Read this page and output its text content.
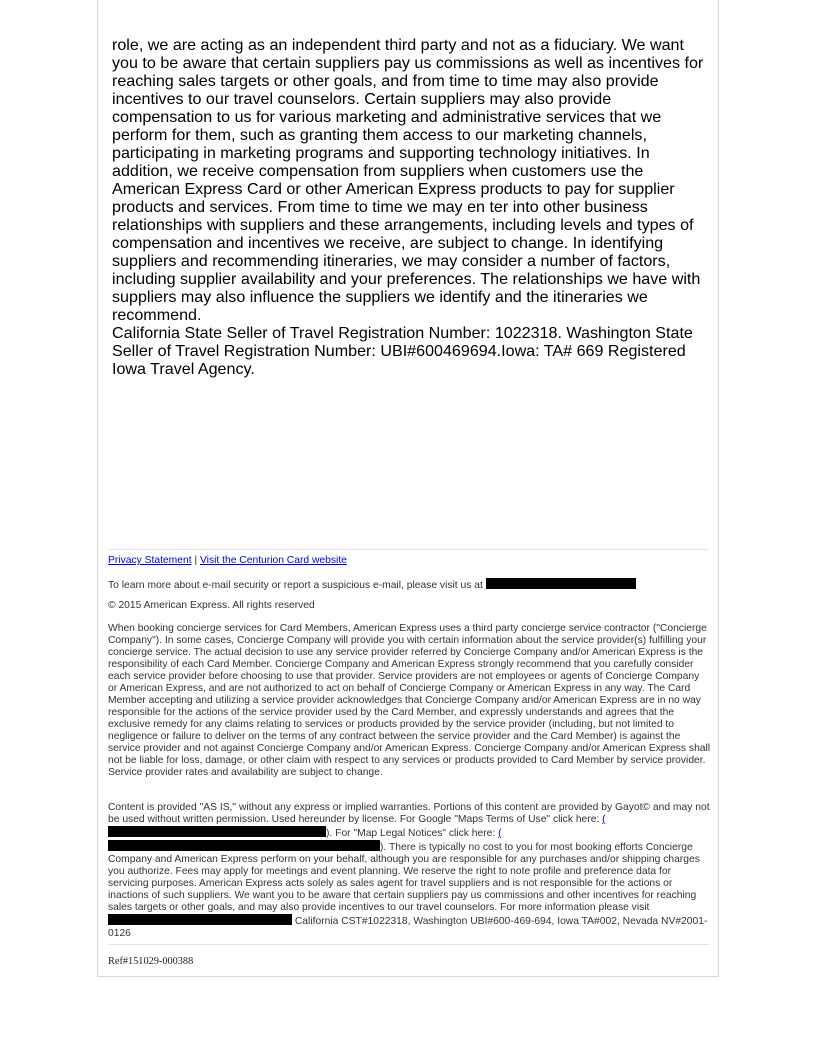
role, we are acting as an independent third party and not as a fiduciary. We want you to be aware that certain suppliers pay us commissions as well as incentives for reaching sales targets or other goals, and from time to time may also provide incentives to our travel counselors. Certain suppliers may also provide compensation to us for various marketing and administrative services that we perform for them, such as granting them access to our marketing channels, participating in marketing programs and supporting technology initiatives. In addition, we receive compensation from suppliers when customers use the American Express Card or other American Express products to pay for supplier products and services. From time to time we may en ter into other business relationships with suppliers and these arrangements, including levels and types of compensation and incentives we receive, are subject to change. In identifying suppliers and recommending itineraries, we may consider a number of factors, including supplier availability and your preferences. The relationships we have with suppliers may also influence the suppliers we identify and the itineraries we recommend.

California State Seller of Travel Registration Number: 1022318. Washington State Seller of Travel Registration Number: UBI#600469694.Iowa: TA# 669 Registered Iowa Travel Agency.

Privacy Statement | Visit the Centurion Card website
To learn more about e-mail security or report a suspicious e-mail, please visit us at
© 2015 American Express. All rights reserved
When booking concierge services for Card Members, American Express uses a third party concierge service contractor ("Concierge Company"). In some cases, Concierge Company will provide you with certain information about the service provider(s) fulfilling your concierge service. The actual decision to use any service provider referred by Concierge Company and/or American Express is the responsibility of each Card Member. Concierge Company and American Express strongly recommend that you carefully consider each service provider before choosing to use that provider. Service providers are not employees or agents of Concierge Company or American Express, and are not authorized to act on behalf of Concierge Company or American Express in any way. The Card Member accepting and utilizing a service provider acknowledges that Concierge Company and/or American Express are in no way responsible for the actions of the service provider used by the Card Member, and expressly understands and agrees that the exclusive remedy for any claims relating to services or products provided by the service provider (including, but not limited to negligence or failure to deliver on the terms of any contract between the service provider and the Card Member) is against the service provider and not against Concierge Company and/or American Express. Concierge Company and/or American Express shall not be liable for loss, damage, or other claim with respect to any services or products provided to Card Member by service provider. Service provider rates and availability are subject to change.
Content is provided "AS IS," without any express or implied warranties. Portions of this content are provided by Gayot© and may not be used without written permission. Used hereunder by license. For Google "Maps Terms of Use" click here: (). For "Map Legal Notices" click here: (). There is typically no cost to you for most booking efforts Concierge Company and American Express perform on your behalf, although you are responsible for any purchases and/or shipping charges you authorize. Fees may apply for meetings and event planning. We reserve the right to note profile and preference data for servicing purposes. American Express acts solely as sales agent for travel suppliers and is not responsible for the actions or inactions of such suppliers. We want you to be aware that certain suppliers pay us commissions and other incentives for reaching sales targets or other goals, and may also provide incentives to our travel counselors. For more information please visit  California CST#1022318, Washington UBI#600-469-694, Iowa TA#002, Nevada NV#2001-0126
Ref#151029-000388
